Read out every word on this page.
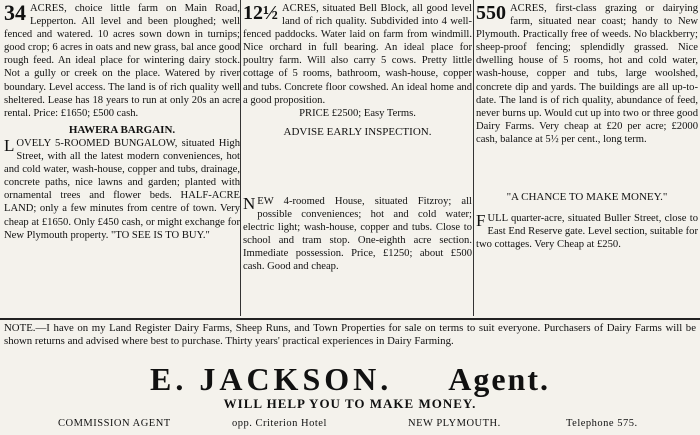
34 ACRES, choice little farm on Main Road, Lepperton. All level and been ploughed; well fenced and watered. 10 acres sown down in turnips; good crop; 6 acres in oats and new grass, bal ance good rough feed. An ideal place for wintering dairy stock. Not a gully or creek on the place. Watered by river boundary. Level access. The land is of rich quality well sheltered. Lease has 18 years to run at only 20s an acre rental. Price: £1650; £500 cash.
HAWERA BARGAIN.
L OVELY 5-ROOMED BUNGALOW, situated High Street, with all the latest modern conveniences, hot and cold water, wash-house, copper and tubs, drainage, concrete paths, nice lawns and garden; planted with ornamental trees and flower beds. HALF-ACRE LAND; only a few minutes from centre of town. Very cheap at £1650. Only £450 cash, or might exchange for New Plymouth property. "TO SEE IS TO BUY."
12½ ACRES, situated Bell Block, all good level land of rich quality. Subdivided into 4 well-fenced paddocks. Water laid on farm from windmill. Nice orchard in full bearing. An ideal place for poultry farm. Will also carry 5 cows. Pretty little cottage of 5 rooms, bathroom, wash-house, copper and tubs. Concrete floor cowshed. An ideal home and a good proposition.
PRICE £2500; Easy Terms.
ADVISE EARLY INSPECTION.
N EW 4-roomed House, situated Fitzroy; all possible conveniences; hot and cold water; electric light; wash-house, copper and tubs. Close to school and tram stop. One-eighth acre section. Immediate possession. Price, £1250; about £500 cash. Good and cheap.
550 ACRES, first-class grazing or dairying farm, situated near coast; handy to New Plymouth. Practically free of weeds. No blackberry; sheep-proof fencing; splendidly grassed. Nice dwelling house of 5 rooms, hot and cold water, wash-house, copper and tubs, large woolshed, concrete dip and yards. The buildings are all up-to-date. The land is of rich quality, abundance of feed, never burns up. Would cut up into two or three good Dairy Farms. Very cheap at £20 per acre; £2000 cash, balance at 5½ per cent., long term.
"A CHANCE TO MAKE MONEY."
F ULL quarter-acre, situated Buller Street, close to East End Reserve gate. Level section, suitable for two cottages. Very Cheap at £250.
NOTE.—I have on my Land Register Dairy Farms, Sheep Runs, and Town Properties for sale on terms to suit everyone. Purchasers of Dairy Farms will be shown returns and advised where best to purchase. Thirty years' practical experiences in Dairy Farming.
E. JACKSON. Agent.
WILL HELP YOU TO MAKE MONEY.
COMMISSION AGENT	opp. Criterion Hotel	NEW PLYMOUTH.	Telephone 575.
